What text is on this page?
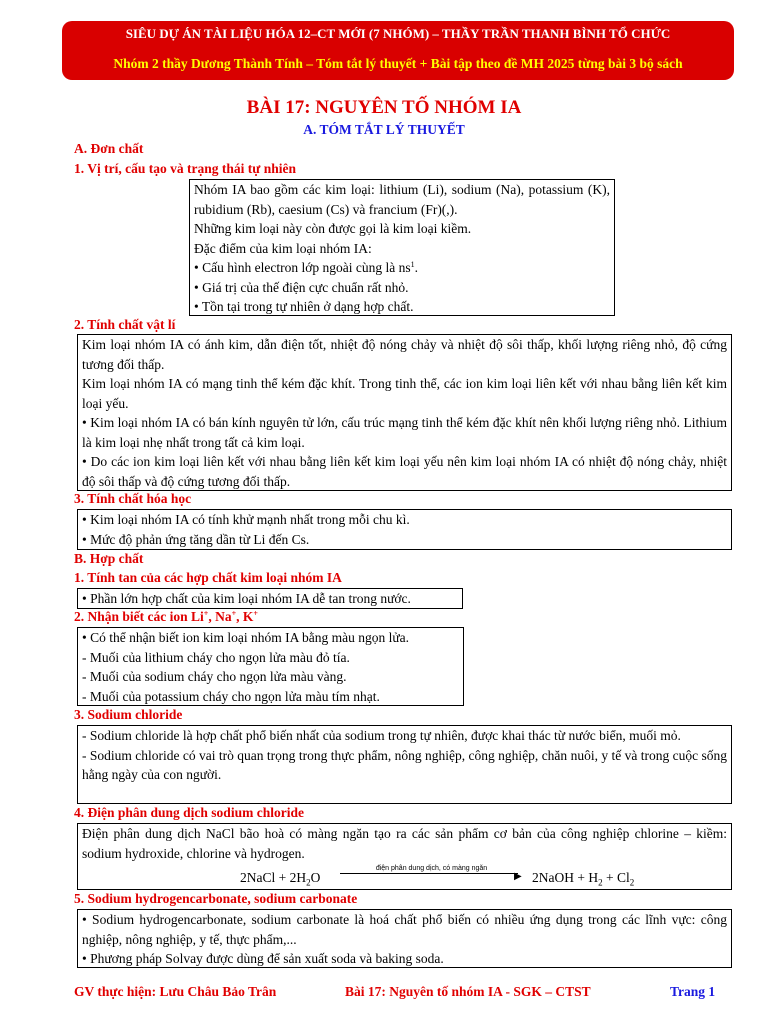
SIÊU DỰ ÁN TÀI LIỆU HÓA 12–CT MỚI (7 NHÓM) – THẦY TRẦN THANH BÌNH TỔ CHỨC
Nhóm 2 thầy Dương Thành Tính – Tóm tắt lý thuyết + Bài tập theo đề MH 2025 từng bài 3 bộ sách
BÀI 17: NGUYÊN TỐ NHÓM IA
A. TÓM TẮT LÝ THUYẾT
A. Đơn chất
1. Vị trí, cấu tạo và trạng thái tự nhiên

Nhóm IA bao gồm các kim loại: lithium (Li), sodium (Na), potassium (K), rubidium (Rb), caesium (Cs) và francium (Fr)(,).

Những kim loại này còn được gọi là kim loại kiềm.

Đặc điểm của kim loại nhóm IA:

• Cấu hình electron lớp ngoài cùng là $ns^1$.

• Giá trị của thế điện cực chuẩn rất nhỏ.

• Tồn tại trong tự nhiên ở dạng hợp chất.

2. Tính chất vật lí

Kim loại nhóm IA có ánh kim, dẫn điện tốt, nhiệt độ nóng chảy và nhiệt độ sôi thấp, khối lượng riêng nhỏ, độ cứng tương đối thấp.

Kim loại nhóm IA có mạng tinh thể kém đặc khít. Trong tinh thể, các ion kim loại liên kết với nhau bằng liên kết kim loại yếu.

• Kim loại nhóm IA có bán kính nguyên tử lớn, cấu trúc mạng tinh thể kém đặc khít nên khối lượng riêng nhỏ. Lithium là kim loại nhẹ nhất trong tất cả kim loại.

• Do các ion kim loại liên kết với nhau bằng liên kết kim loại yếu nên kim loại nhóm IA có nhiệt độ nóng chảy, nhiệt độ sôi thấp và độ cứng tương đối thấp.

3. Tính chất hóa học

• Kim loại nhóm IA có tính khử mạnh nhất trong mỗi chu kì.

• Mức độ phản ứng tăng dần từ Li đến Cs.

B. Hợp chất
1. Tính tan của các hợp chất kim loại nhóm IA

• Phần lớn hợp chất của kim loại nhóm IA dễ tan trong nước.

2. Nhận biết các ion Li+, Na+, K+

• Có thể nhận biết ion kim loại nhóm IA bằng màu ngọn lửa.

- Muối của lithium cháy cho ngọn lửa màu đỏ tía.

- Muối của sodium cháy cho ngọn lửa màu vàng.

- Muối của potassium cháy cho ngọn lửa màu tím nhạt.

3. Sodium chloride

- Sodium chloride là hợp chất phổ biến nhất của sodium trong tự nhiên, được khai thác từ nước biển, muối mỏ.

- Sodium chloride có vai trò quan trọng trong thực phẩm, nông nghiệp, công nghiệp, chăn nuôi, y tế và trong cuộc sống hằng ngày của con người.

4. Điện phân dung dịch sodium chloride

Điện phân dung dịch NaCl bão hoà có màng ngăn tạo ra các sản phẩm cơ bản của công nghiệp chlorine – kiềm: sodium hydroxide, chlorine và hydrogen.

2NaCl + $2H_2O$
điện phân dung dịch, có màng ngăn
▶ 2NaOH + $H_2 + Cl_2$
5. Sodium hydrogencarbonate, sodium carbonate

• Sodium hydrogencarbonate, sodium carbonate là hoá chất phổ biến có nhiều ứng dụng trong các lĩnh vực: công nghiệp, nông nghiệp, y tế, thực phẩm,...

• Phương pháp Solvay được dùng để sản xuất soda và baking soda.

GV thực hiện: Lưu Châu Bảo Trân	Bài 17: Nguyên tố nhóm IA - SGK – CTST	Trang 1
